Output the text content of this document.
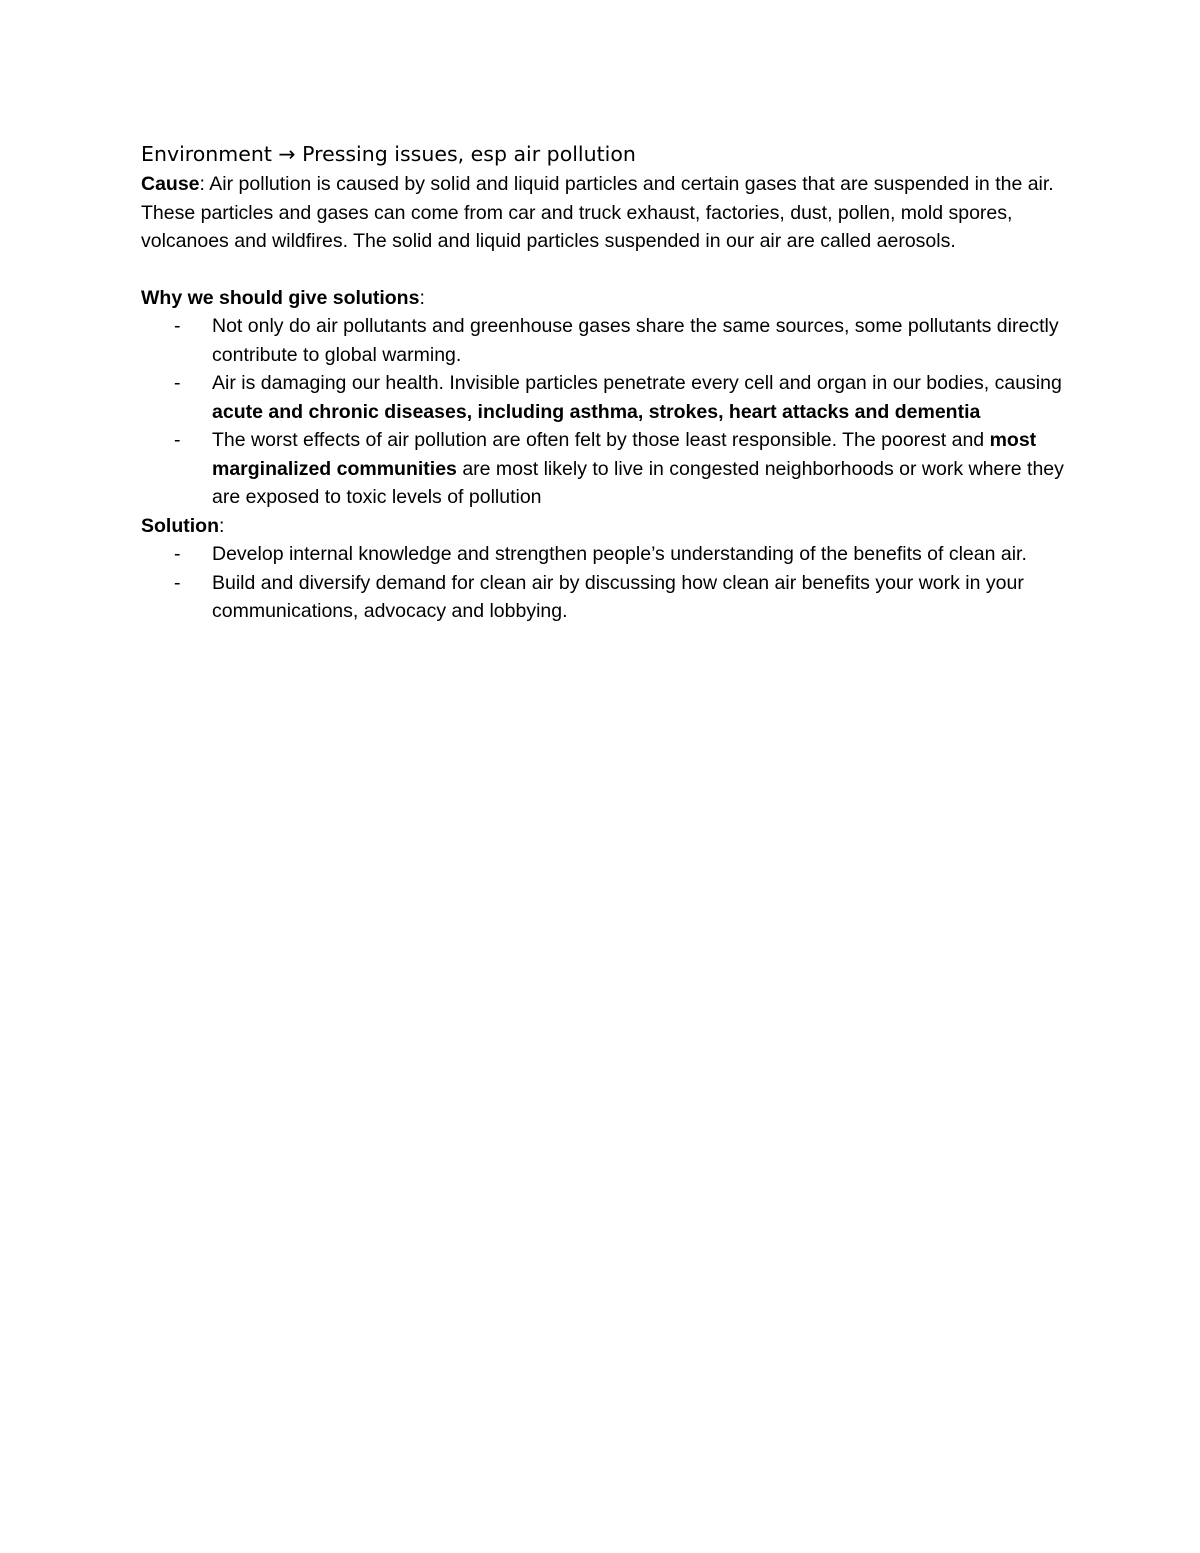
Environment → Pressing issues, esp air pollution

Cause: Air pollution is caused by solid and liquid particles and certain gases that are suspended in the air. These particles and gases can come from car and truck exhaust, factories, dust, pollen, mold spores, volcanoes and wildfires. The solid and liquid particles suspended in our air are called aerosols.

Why we should give solutions:

- Not only do air pollutants and greenhouse gases share the same sources, some pollutants directly contribute to global warming.
- Air is damaging our health. Invisible particles penetrate every cell and organ in our bodies, causing acute and chronic diseases, including asthma, strokes, heart attacks and dementia
- The worst effects of air pollution are often felt by those least responsible. The poorest and most marginalized communities are most likely to live in congested neighborhoods or work where they are exposed to toxic levels of pollution

Solution:

- Develop internal knowledge and strengthen people’s understanding of the benefits of clean air.
- Build and diversify demand for clean air by discussing how clean air benefits your work in your communications, advocacy and lobbying.
